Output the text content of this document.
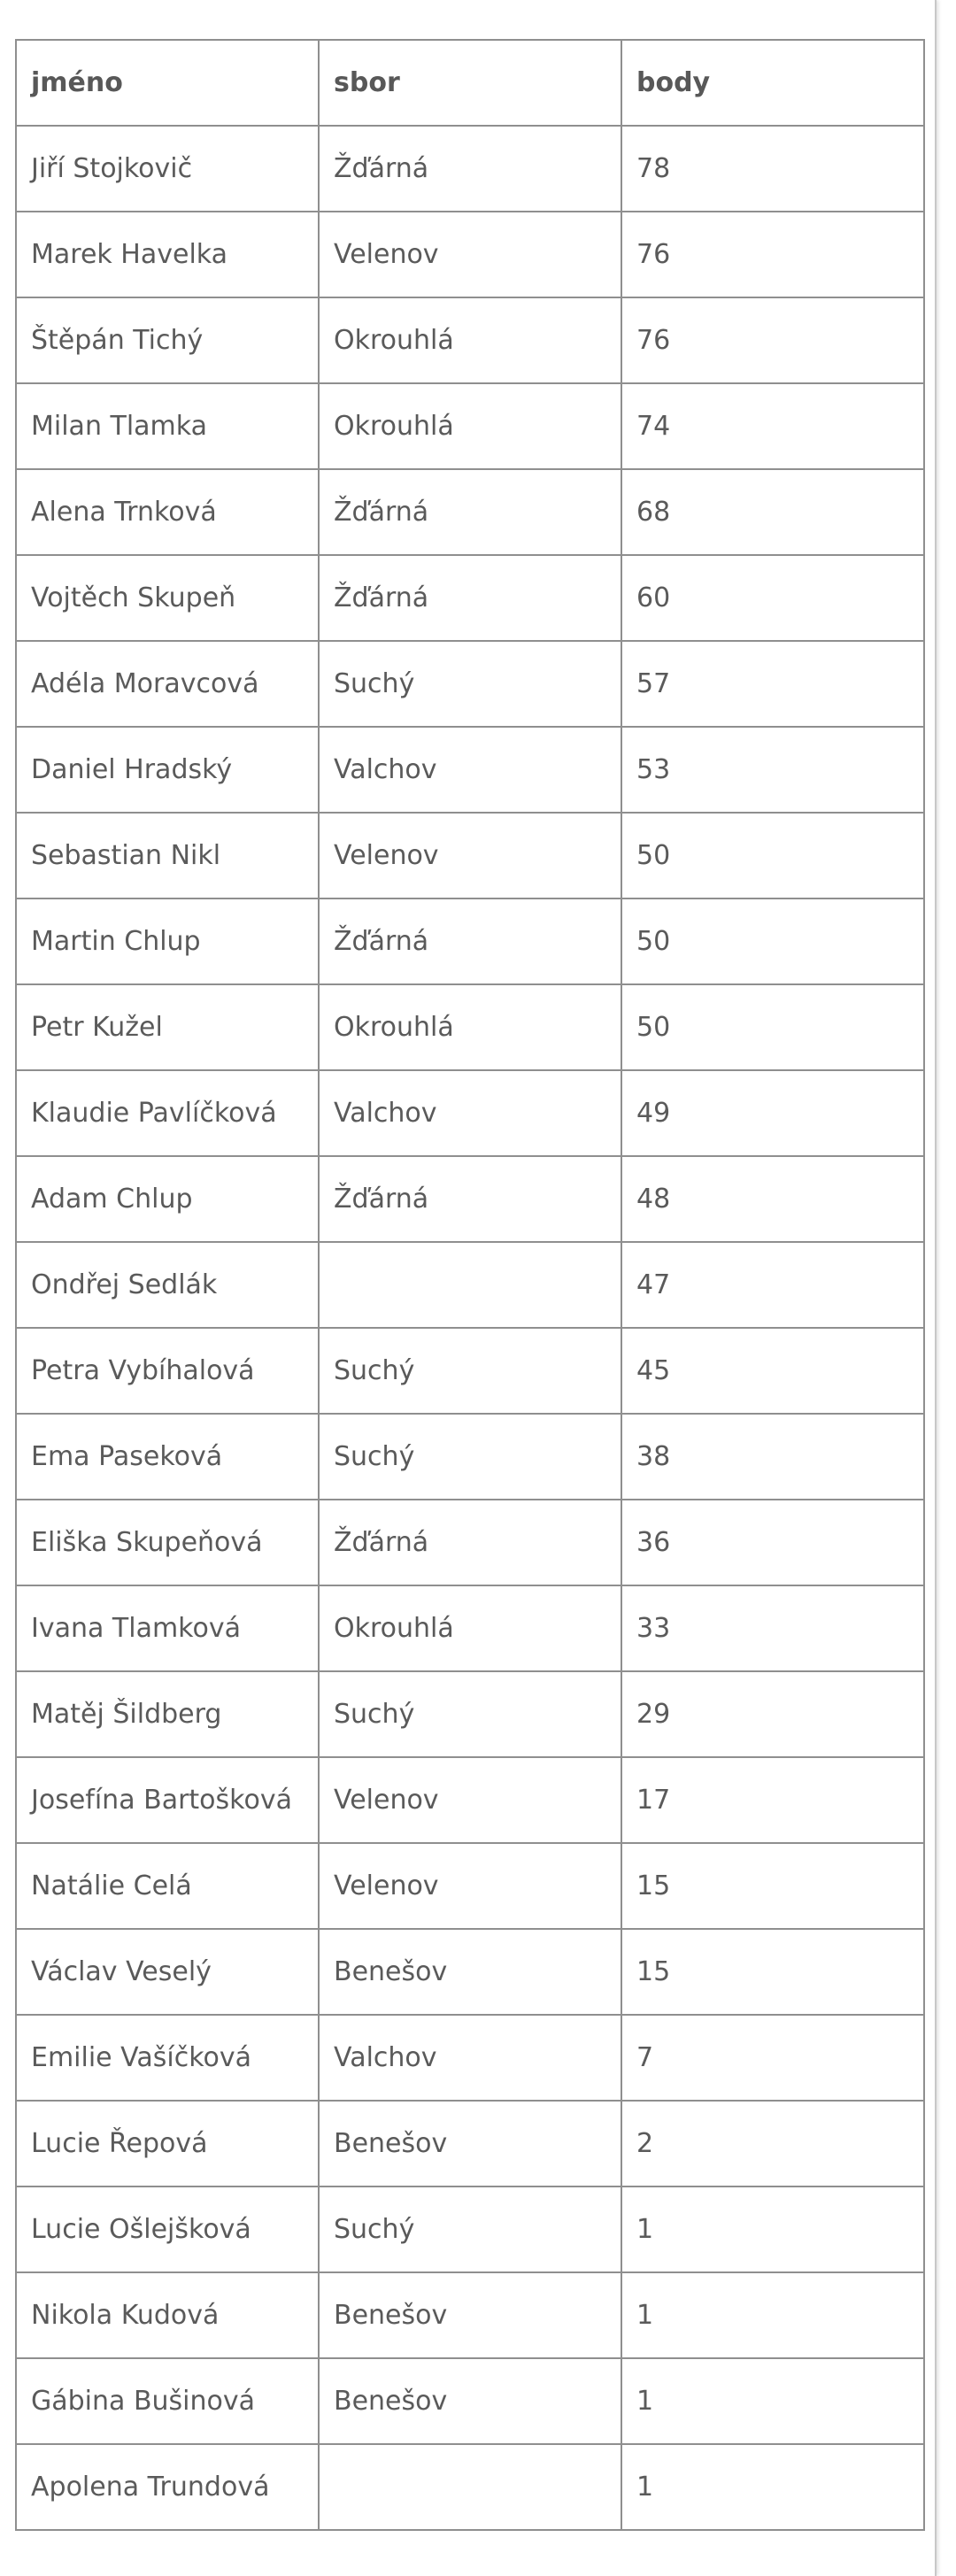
jméno	sbor	body
Jiří Stojkovič	Žďárná	78
Marek Havelka	Velenov	76
Štěpán Tichý	Okrouhlá	76
Milan Tlamka	Okrouhlá	74
Alena Trnková	Žďárná	68
Vojtěch Skupeň	Žďárná	60
Adéla Moravcová	Suchý	57
Daniel Hradský	Valchov	53
Sebastian Nikl	Velenov	50
Martin Chlup	Žďárná	50
Petr Kužel	Okrouhlá	50
Klaudie Pavlíčková	Valchov	49
Adam Chlup	Žďárná	48
Ondřej Sedlák		47
Petra Vybíhalová	Suchý	45
Ema Paseková	Suchý	38
Eliška Skupeňová	Žďárná	36
Ivana Tlamková	Okrouhlá	33
Matěj Šildberg	Suchý	29
Josefína Bartošková	Velenov	17
Natálie Celá	Velenov	15
Václav Veselý	Benešov	15
Emilie Vašíčková	Valchov	7
Lucie Řepová	Benešov	2
Lucie Ošlejšková	Suchý	1
Nikola Kudová	Benešov	1
Gábina Bušinová	Benešov	1
Apolena Trundová		1
